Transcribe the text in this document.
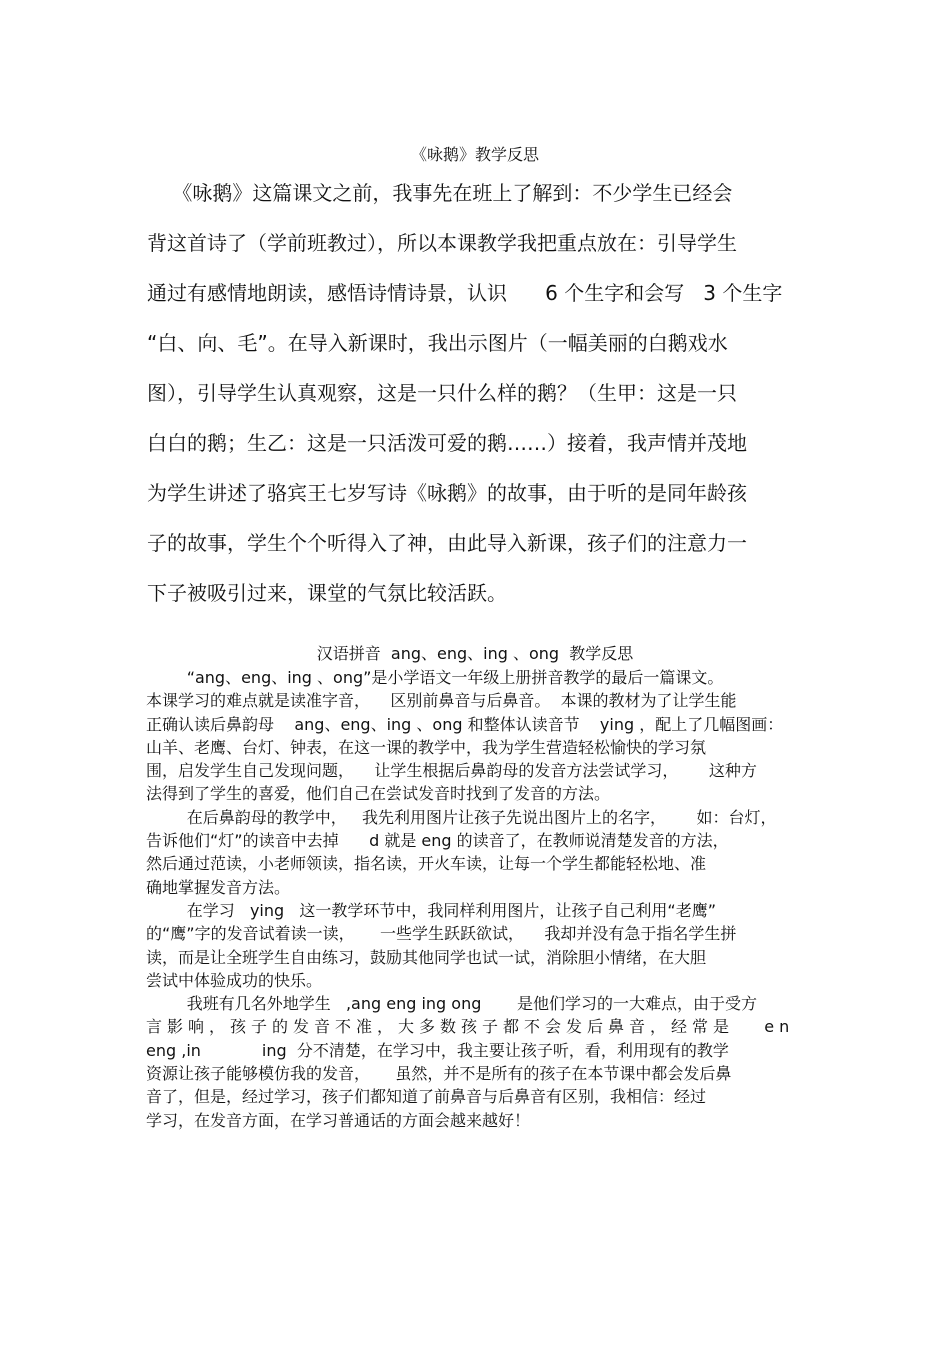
《咏鹅》教学反思
《咏鹅》这篇课文之前，我事先在班上了解到：不少学生已经会
背这首诗了（学前班教过），所以本课教学我把重点放在：引导学生
通过有感情地朗读，感悟诗情诗景，认识      6 个生字和会写   3 个生字
“白、向、毛”。在导入新课时，我出示图片（一幅美丽的白鹅戏水
图），引导学生认真观察，这是一只什么样的鹅？（生甲：这是一只
白白的鹅；生乙：这是一只活泼可爱的鹅……）接着，我声情并茂地
为学生讲述了骆宾王七岁写诗《咏鹅》的故事，由于听的是同年龄孩
子的故事，学生个个听得入了神，由此导入新课，孩子们的注意力一
下子被吸引过来，课堂的气氛比较活跃。
汉语拼音  ang、eng、ing 、ong  教学反思
“ang、eng、ing 、ong”是小学语文一年级上册拼音教学的最后一篇课文。
本课学习的难点就是读准字音，    区别前鼻音与后鼻音。  本课的教材为了让学生能
正确认读后鼻韵母    ang、eng、ing 、ong 和整体认读音节    ying ，配上了几幅图画：
山羊、老鹰、台灯、钟表，在这一课的教学中，我为学生营造轻松愉快的学习氛
围，启发学生自己发现问题，    让学生根据后鼻韵母的发音方法尝试学习，      这种方
法得到了学生的喜爱，他们自己在尝试发音时找到了发音的方法。
在后鼻韵母的教学中，   我先利用图片让孩子先说出图片上的名字，      如：台灯，
告诉他们“灯”的读音中去掉      d 就是 eng 的读音了，在教师说清楚发音的方法，
然后通过范读，小老师领读，指名读，开火车读，让每一个学生都能轻松地、准
确地掌握发音方法。
在学习   ying   这一教学环节中，我同样利用图片，让孩子自己利用“老鹰”
的“鹰”字的发音试着读一读，     一些学生跃跃欲试，    我却并没有急于指名学生拼
读，而是让全班学生自由练习，鼓励其他同学也试一试，消除胆小情绪，在大胆
尝试中体验成功的快乐。
我班有几名外地学生   ,ang eng ing ong       是他们学习的一大难点，由于受方
言影响，孩子的发音不准，大多数孩子都不会发后鼻音，经常是   en
eng ,in            ing  分不清楚，在学习中，我主要让孩子听，看，利用现有的教学
资源让孩子能够模仿我的发音，     虽然，并不是所有的孩子在本节课中都会发后鼻
音了，但是，经过学习，孩子们都知道了前鼻音与后鼻音有区别，我相信：经过
学习，在发音方面，在学习普通话的方面会越来越好！
